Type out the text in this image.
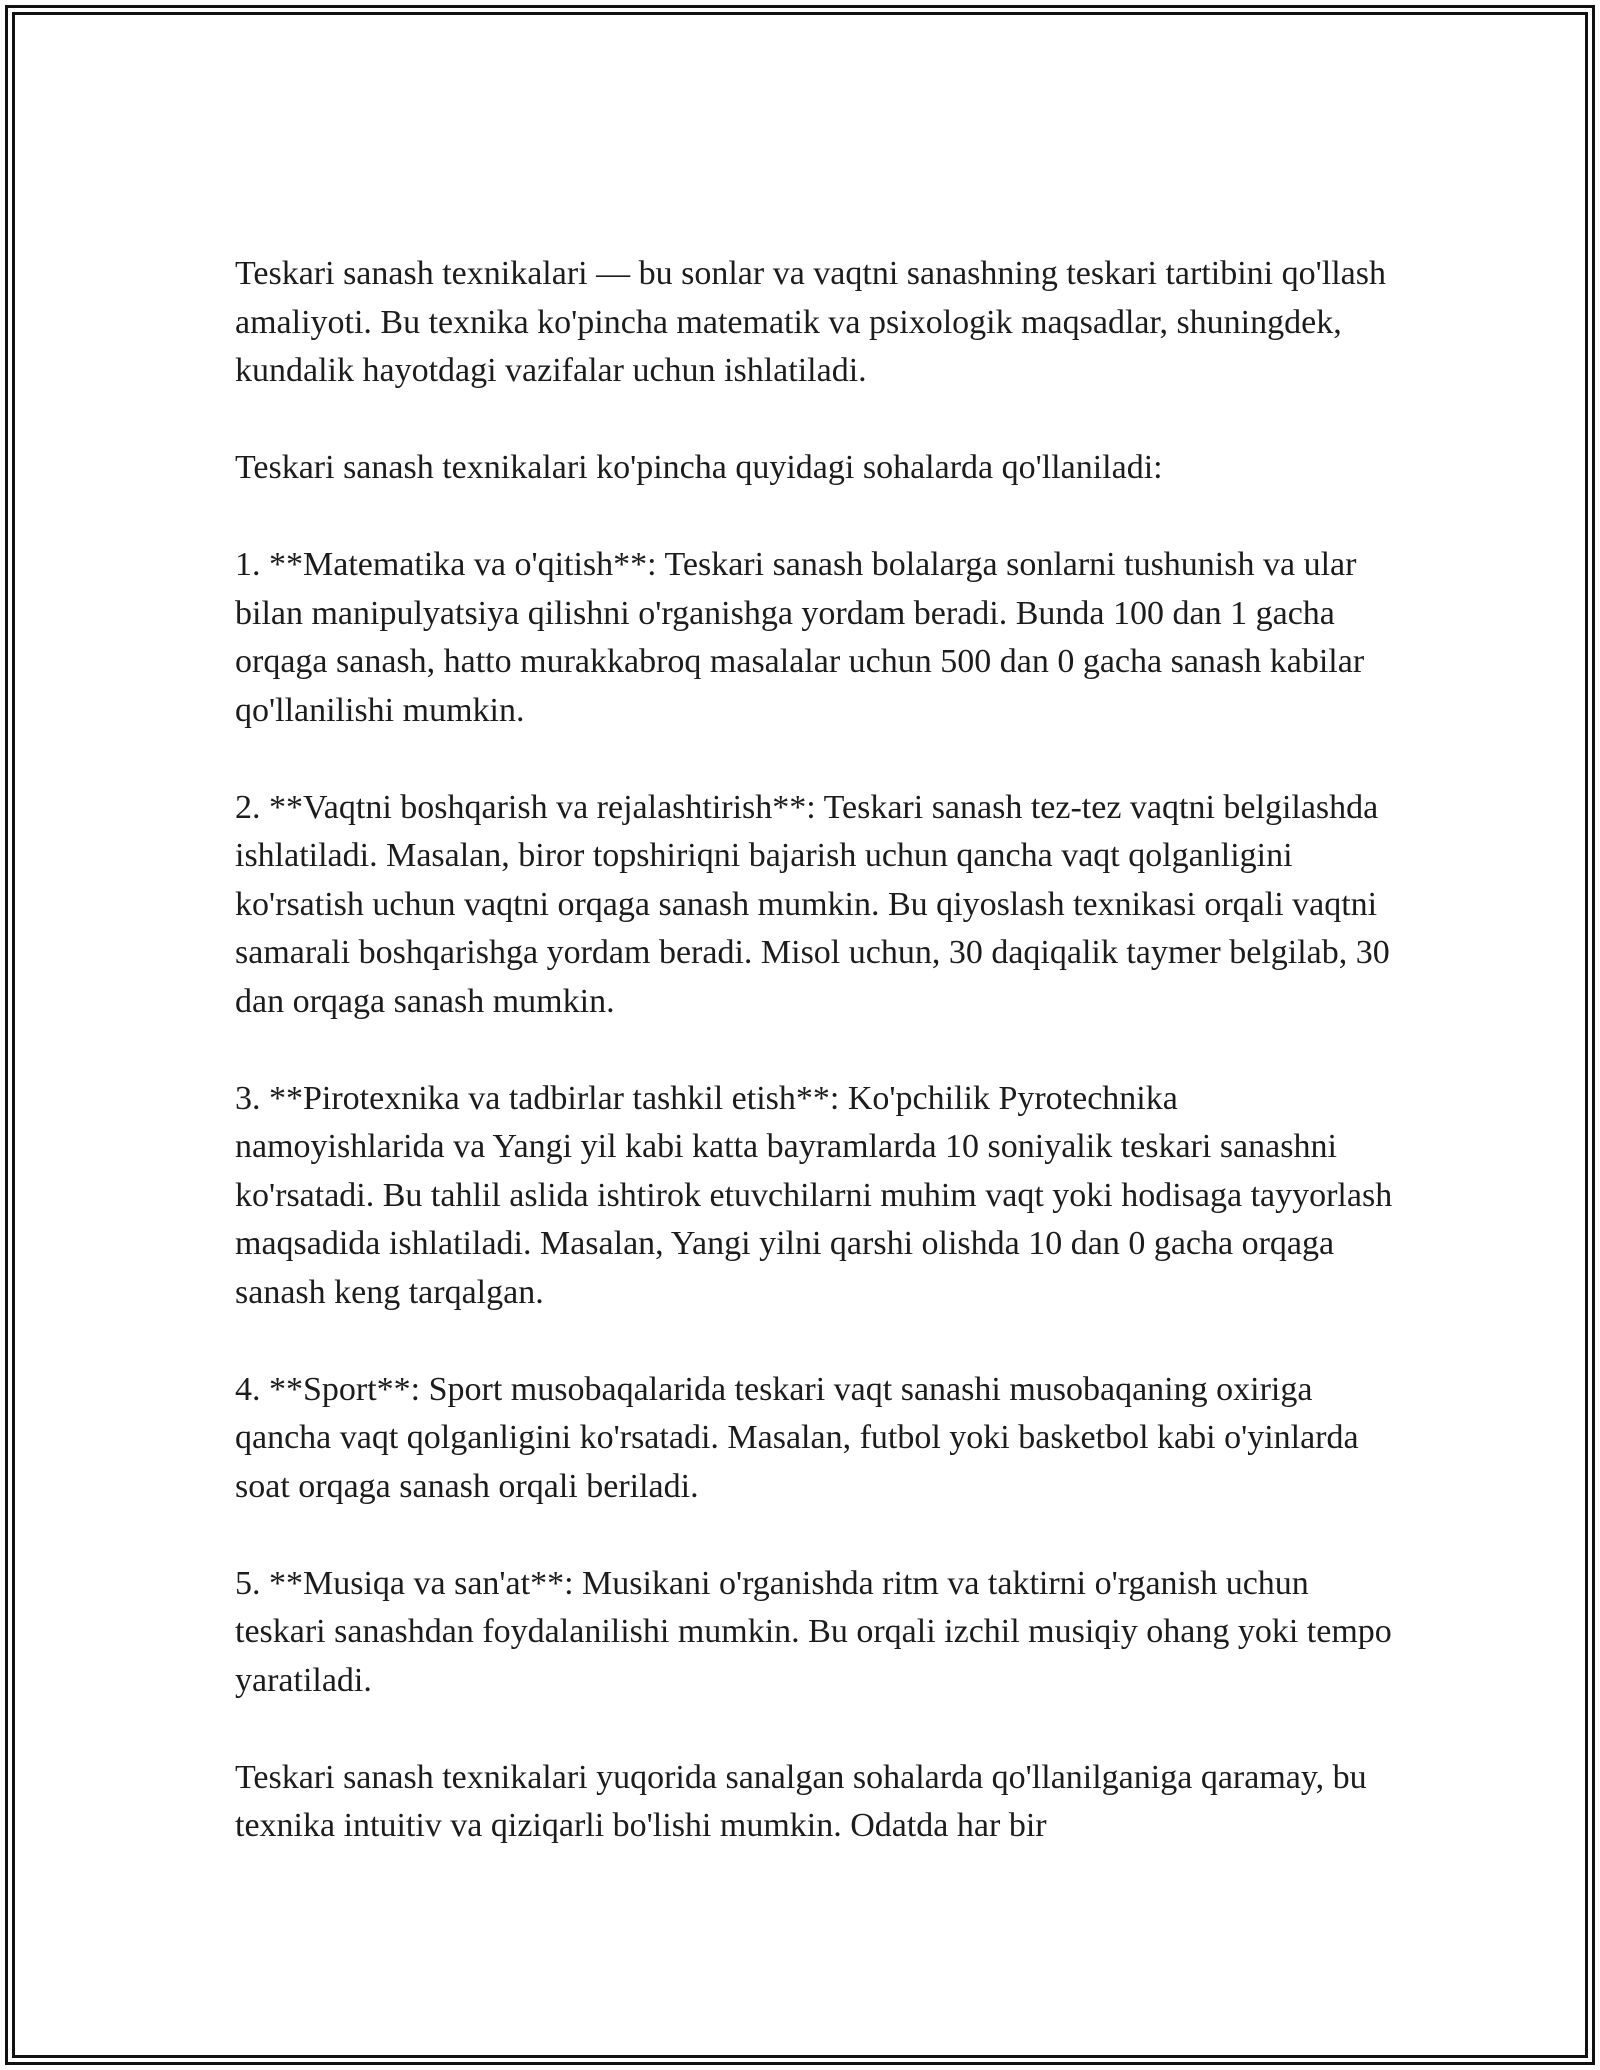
Teskari sanash texnikalari — bu sonlar va vaqtni sanashning teskari tartibini qo'llash amaliyoti. Bu texnika ko'pincha matematik va psixologik maqsadlar, shuningdek, kundalik hayotdagi vazifalar uchun ishlatiladi.

Teskari sanash texnikalari ko'pincha quyidagi sohalarda qo'llaniladi:

1. **Matematika va o'qitish**: Teskari sanash bolalarga sonlarni tushunish va ular bilan manipulyatsiya qilishni o'rganishga yordam beradi. Bunda 100 dan 1 gacha orqaga sanash, hatto murakkabroq masalalar uchun 500 dan 0 gacha sanash kabilar qo'llanilishi mumkin.

2. **Vaqtni boshqarish va rejalashtirish**: Teskari sanash tez-tez vaqtni belgilashda ishlatiladi. Masalan, biror topshiriqni bajarish uchun qancha vaqt qolganligini ko'rsatish uchun vaqtni orqaga sanash mumkin. Bu qiyoslash texnikasi orqali vaqtni samarali boshqarishga yordam beradi. Misol uchun, 30 daqiqalik taymer belgilab, 30 dan orqaga sanash mumkin.

3. **Pirotexnika va tadbirlar tashkil etish**: Ko'pchilik Pyrotechnika namoyishlarida va Yangi yil kabi katta bayramlarda 10 soniyalik teskari sanashni ko'rsatadi. Bu tahlil aslida ishtirok etuvchilarni muhim vaqt yoki hodisaga tayyorlash maqsadida ishlatiladi. Masalan, Yangi yilni qarshi olishda 10 dan 0 gacha orqaga sanash keng tarqalgan.

4. **Sport**: Sport musobaqalarida teskari vaqt sanashi musobaqaning oxiriga qancha vaqt qolganligini ko'rsatadi. Masalan, futbol yoki basketbol kabi o'yinlarda soat orqaga sanash orqali beriladi.

5. **Musiqa va san'at**: Musikani o'rganishda ritm va taktirni o'rganish uchun teskari sanashdan foydalanilishi mumkin. Bu orqali izchil musiqiy ohang yoki tempo yaratiladi.

Teskari sanash texnikalari yuqorida sanalgan sohalarda qo'llanilganiga qaramay, bu texnika intuitiv va qiziqarli bo'lishi mumkin. Odatda har bir
